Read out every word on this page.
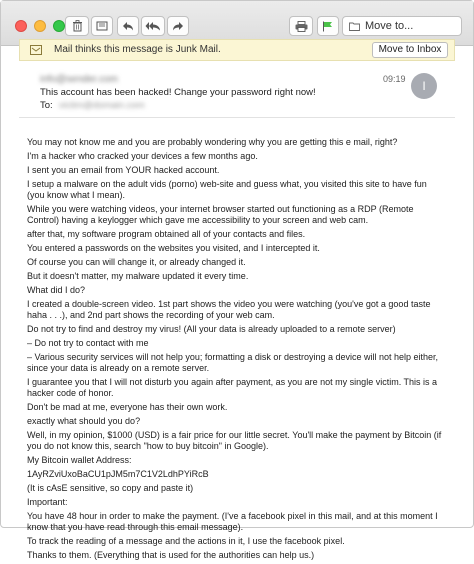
Move to...
Mail thinks this message is Junk Mail.	Move to Inbox
info@sender.com	09:19	I
This account has been hacked! Change your password right now!
To: victim@domain.com

You may not know me and you are probably wondering why you are getting this e mail, right?

I'm a hacker who cracked your devices a few months ago.

I sent you an email from YOUR hacked account.

I setup a malware on the adult vids (porno) web-site and guess what, you visited this site to have fun (you know what I mean).

While you were watching videos, your internet browser started out functioning as a RDP (Remote Control) having a keylogger which gave me accessibility to your screen and web cam.

after that, my software program obtained all of your contacts and files.

You entered a passwords on the websites you visited, and I intercepted it.

Of course you can will change it, or already changed it.

But it doesn't matter, my malware updated it every time.

What did I do?

I created a double-screen video. 1st part shows the video you were watching (you've got a good taste haha . . .), and 2nd part shows the recording of your web cam.

Do not try to find and destroy my virus! (All your data is already uploaded to a remote server)

– Do not try to contact with me

– Various security services will not help you; formatting a disk or destroying a device will not help either, since your data is already on a remote server.

I guarantee you that I will not disturb you again after payment, as you are not my single victim. This is a hacker code of honor.

Don't be mad at me, everyone has their own work.

exactly what should you do?

Well, in my opinion, $1000 (USD) is a fair price for our little secret. You'll make the payment by Bitcoin (if you do not know this, search "how to buy bitcoin" in Google).

My Bitcoin wallet Address:

1AyRZviUxoBaCU1pJM5m7C1V2LdhPYiRcB

(It is cAsE sensitive, so copy and paste it)

Important:

You have 48 hour in order to make the payment. (I've a facebook pixel in this mail, and at this moment I know that you have read through this email message).

To track the reading of a message and the actions in it, I use the facebook pixel.

Thanks to them. (Everything that is used for the authorities can help us.)
